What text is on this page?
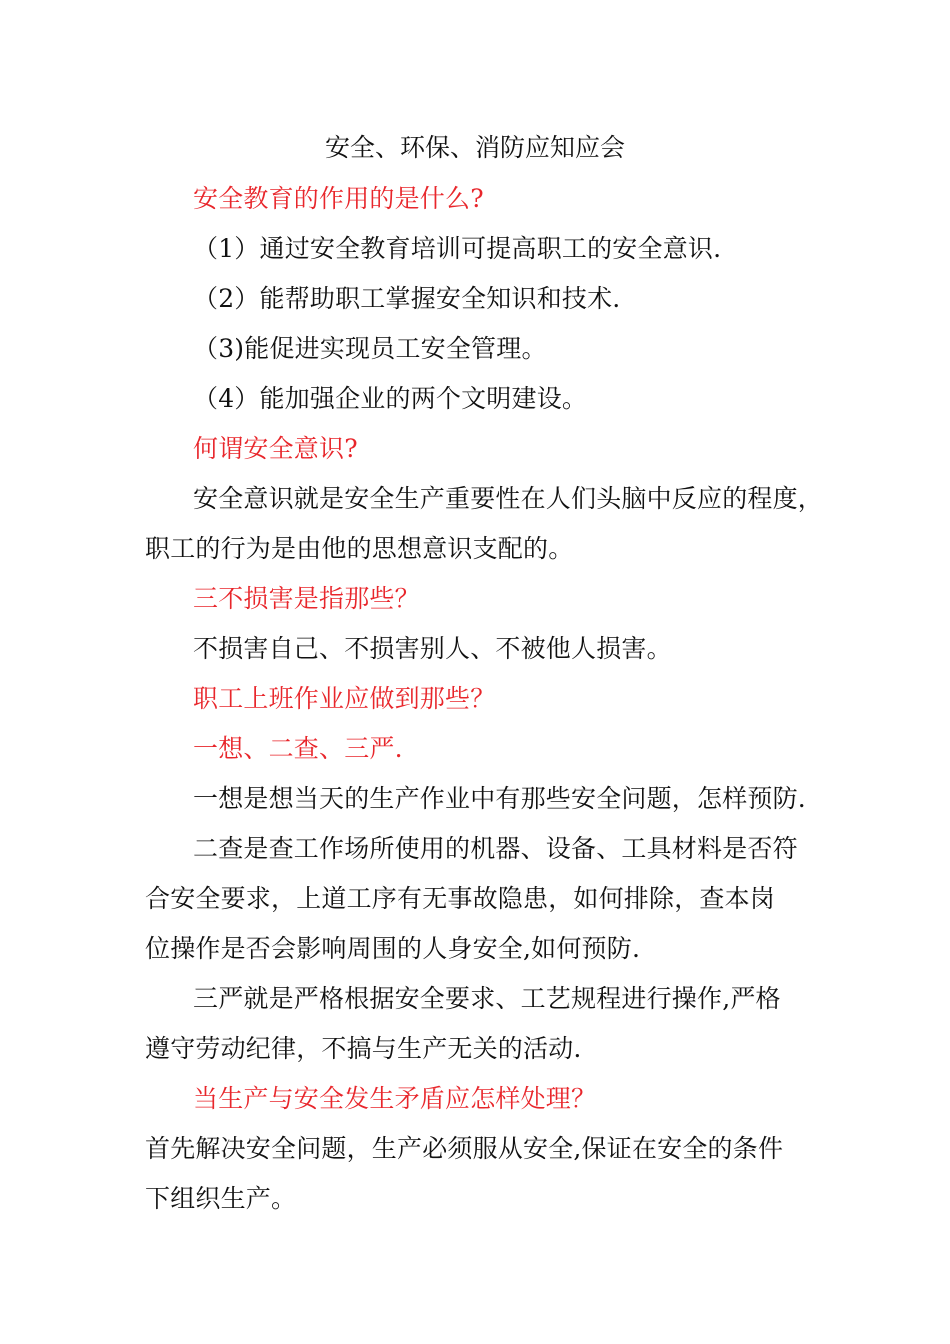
安全、环保、消防应知应会
安全教育的作用的是什么?
（1）通过安全教育培训可提高职工的安全意识.
（2）能帮助职工掌握安全知识和技术.
（3)能促进实现员工安全管理。
（4）能加强企业的两个文明建设。
何谓安全意识?
安全意识就是安全生产重要性在人们头脑中反应的程度，
职工的行为是由他的思想意识支配的。
三不损害是指那些？
不损害自己、不损害别人、不被他人损害。
职工上班作业应做到那些？
一想、二查、三严.
一想是想当天的生产作业中有那些安全问题，怎样预防.
二查是查工作场所使用的机器、设备、工具材料是否符
合安全要求，上道工序有无事故隐患，如何排除，查本岗
位操作是否会影响周围的人身安全,如何预防.
三严就是严格根据安全要求、工艺规程进行操作,严格
遵守劳动纪律，不搞与生产无关的活动.
当生产与安全发生矛盾应怎样处理？
首先解决安全问题，生产必须服从安全,保证在安全的条件
下组织生产。
